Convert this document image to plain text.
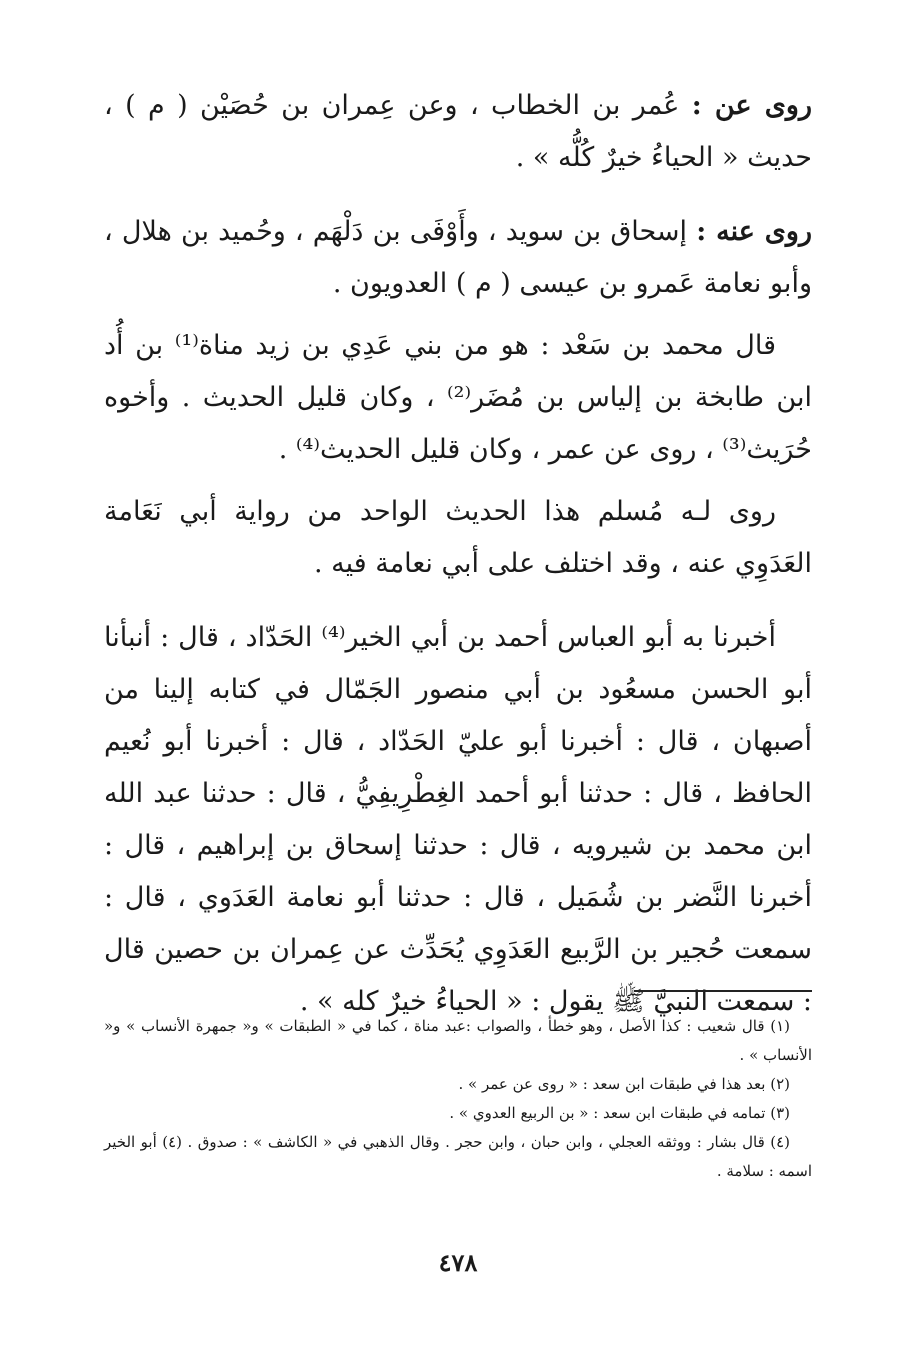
روى عن : عُمر بن الخطاب ، وعن عِمران بن حُصَيْن ( م ) ، حديث « الحياءُ خيرٌ كُلُّه » .

روى عنه : إسحاق بن سويد ، وأَوْفَى بن دَلْهَم ، وحُميد بن هلال ، وأبو نعامة عَمرو بن عيسى ( م ) العدويون .

قال محمد بن سَعْد : هو من بني عَدِي بن زيد مناة⁽¹⁾ بن أُد ابن طابخة بن إلياس بن مُضَر⁽²⁾ ، وكان قليل الحديث . وأخوه حُرَيث⁽³⁾ ، روى عن عمر ، وكان قليل الحديث⁽⁴⁾ .

روى لـه مُسلم هذا الحديث الواحد من رواية أبي نَعَامة العَدَوِي عنه ، وقد اختلف على أبي نعامة فيه .

أخبرنا به أبو العباس أحمد بن أبي الخير⁽⁴⁾ الحَدّاد ، قال : أنبأنا أبو الحسن مسعُود بن أبي منصور الجَمّال في كتابه إلينا من أصبهان ، قال : أخبرنا أبو عليّ الحَدّاد ، قال : أخبرنا أبو نُعيم الحافظ ، قال : حدثنا أبو أحمد الغِطْرِيفِيُّ ، قال : حدثنا عبد الله ابن محمد بن شيرويه ، قال : حدثنا إسحاق بن إبراهيم ، قال : أخبرنا النَّضر بن شُمَيل ، قال : حدثنا أبو نعامة العَدَوي ، قال : سمعت حُجير بن الرَّبيع العَدَوِي يُحَدِّث عن عِمران بن حصين قال : سمعت النبيَّ ﷺ يقول : « الحياءُ خيرٌ كله » .

(١) قال شعيب : كذا الأصل ، وهو خطأ ، والصواب :عبد مناة ، كما في « الطبقات » و« جمهرة الأنساب » و« الأنساب » .

(٢) بعد هذا في طبقات ابن سعد : « روى عن عمر » .

(٣) تمامه في طبقات ابن سعد : « بن الربيع العدوي » .

(٤) قال بشار : ووثقه العجلي ، وابن حبان ، وابن حجر . وقال الذهبي في « الكاشف » : صدوق . (٤) أبو الخير اسمه : سلامة .

٤٧٨
